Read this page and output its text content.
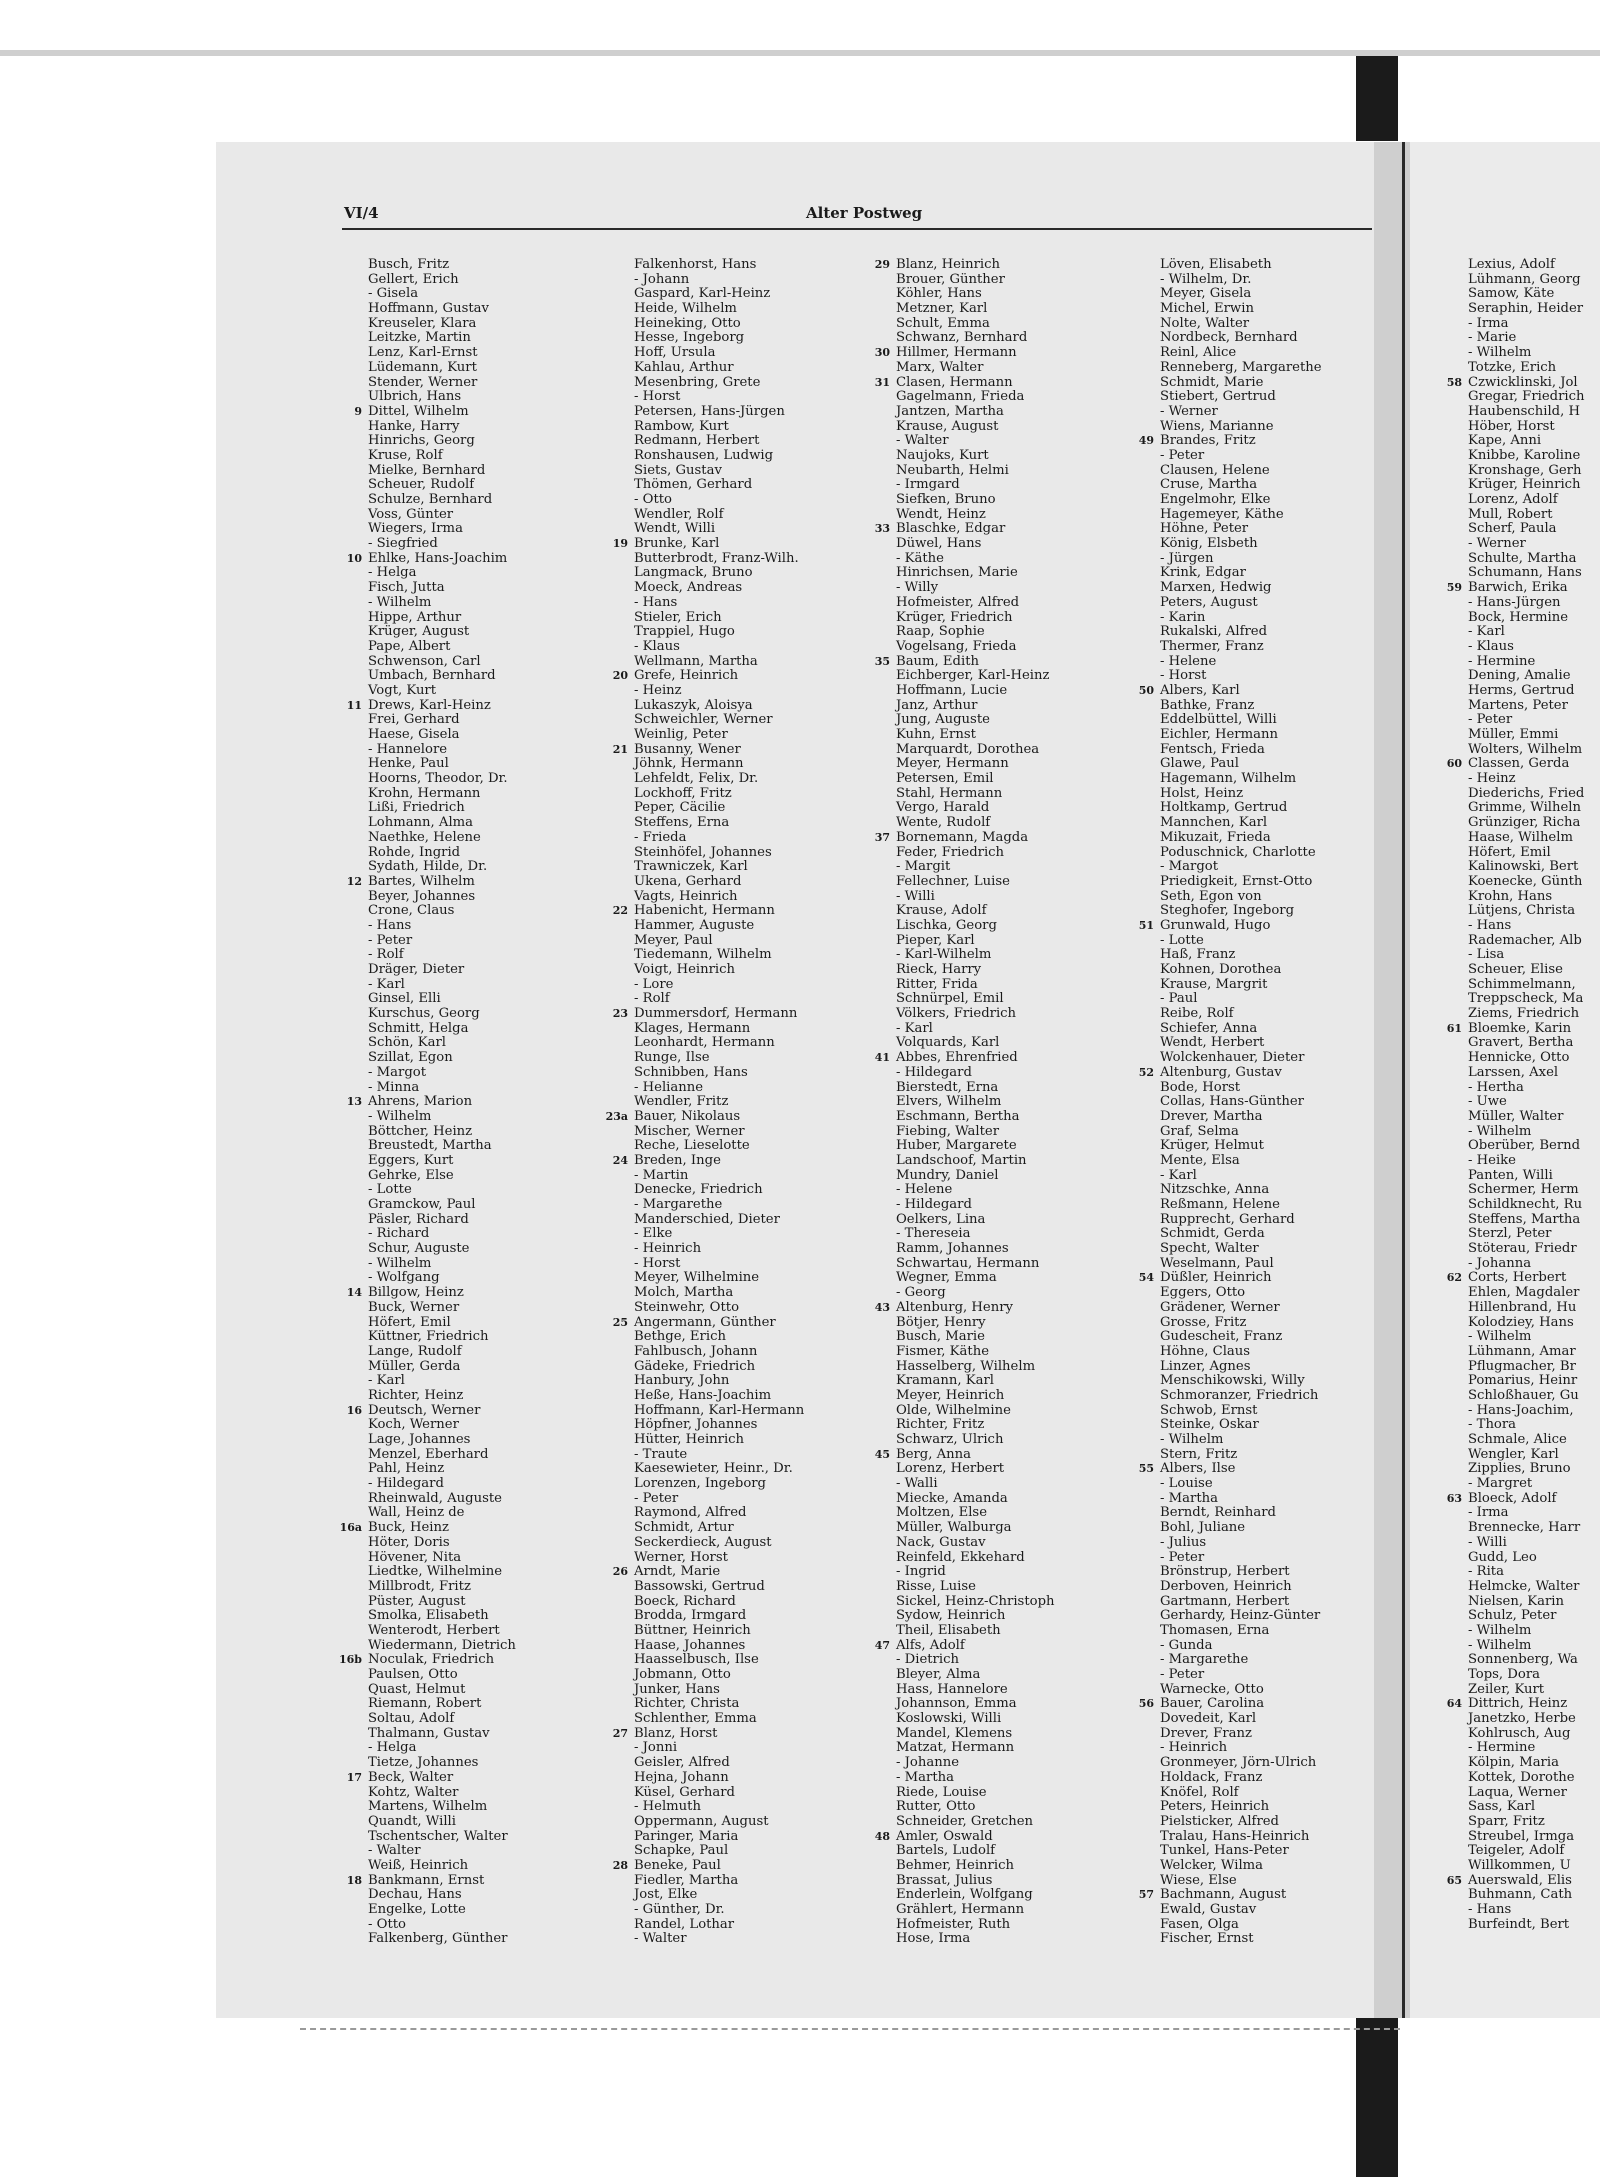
VI/4	Alter Postweg
Busch, Fritz
Gellert, Erich
- Gisela
Hoffmann, Gustav
Kreuseler, Klara
Leitzke, Martin
Lenz, Karl-Ernst
Lüdemann, Kurt
Stender, Werner
Ulbrich, Hans
9 Dittel, Wilhelm
Hanke, Harry
Hinrichs, Georg
Kruse, Rolf
Mielke, Bernhard
Scheuer, Rudolf
Schulze, Bernhard
Voss, Günter
Wiegers, Irma
- Siegfried
10 Ehlke, Hans-Joachim
- Helga
Fisch, Jutta
- Wilhelm
Hippe, Arthur
Krüger, August
Pape, Albert
Schwenson, Carl
Umbach, Bernhard
Vogt, Kurt
11 Drews, Karl-Heinz
Frei, Gerhard
Haese, Gisela
- Hannelore
Henke, Paul
Hoorns, Theodor, Dr.
Krohn, Hermann
Lißi, Friedrich
Lohmann, Alma
Naethke, Helene
Rohde, Ingrid
Sydath, Hilde, Dr.
12 Bartes, Wilhelm
Beyer, Johannes
Crone, Claus
- Hans
- Peter
- Rolf
Dräger, Dieter
- Karl
Ginsel, Elli
Kurschus, Georg
Schmitt, Helga
Schön, Karl
Szillat, Egon
- Margot
- Minna
13 Ahrens, Marion
- Wilhelm
Böttcher, Heinz
Breustedt, Martha
Eggers, Kurt
Gehrke, Else
- Lotte
Gramckow, Paul
Päsler, Richard
- Richard
Schur, Auguste
- Wilhelm
- Wolfgang
14 Billgow, Heinz
Buck, Werner
Höfert, Emil
Küttner, Friedrich
Lange, Rudolf
Müller, Gerda
- Karl
Richter, Heinz
16 Deutsch, Werner
Koch, Werner
Lage, Johannes
Menzel, Eberhard
Pahl, Heinz
- Hildegard
Rheinwald, Auguste
Wall, Heinz de
16a Buck, Heinz
Höter, Doris
Hövener, Nita
Liedtke, Wilhelmine
Millbrodt, Fritz
Püster, August
Smolka, Elisabeth
Wenterodt, Herbert
Wiedermann, Dietrich
16b Noculak, Friedrich
Paulsen, Otto
Quast, Helmut
Riemann, Robert
Soltau, Adolf
Thalmann, Gustav
- Helga
Tietze, Johannes
17 Beck, Walter
Kohtz, Walter
Martens, Wilhelm
Quandt, Willi
Tschentscher, Walter
- Walter
Weiß, Heinrich
18 Bankmann, Ernst
Dechau, Hans
Engelke, Lotte
- Otto
Falkenberg, Günther
Falkenhorst, Hans
- Johann
Gaspard, Karl-Heinz
Heide, Wilhelm
Heineking, Otto
Hesse, Ingeborg
Hoff, Ursula
Kahlau, Arthur
Mesenbring, Grete
- Horst
Petersen, Hans-Jürgen
Rambow, Kurt
Redmann, Herbert
Ronshausen, Ludwig
Siets, Gustav
Thömen, Gerhard
- Otto
Wendler, Rolf
Wendt, Willi
19 Brunke, Karl
Butterbrodt, Franz-Wilh.
Langmack, Bruno
Moeck, Andreas
- Hans
Stieler, Erich
Trappiel, Hugo
- Klaus
Wellmann, Martha
20 Grefe, Heinrich
- Heinz
Lukaszyk, Aloisya
Schweichler, Werner
Weinlig, Peter
21 Busanny, Wener
Jöhnk, Hermann
Lehfeldt, Felix, Dr.
Lockhoff, Fritz
Peper, Cäcilie
Steffens, Erna
- Frieda
Steinhöfel, Johannes
Trawniczek, Karl
Ukena, Gerhard
Vagts, Heinrich
22 Habenicht, Hermann
Hammer, Auguste
Meyer, Paul
Tiedemann, Wilhelm
Voigt, Heinrich
- Lore
- Rolf
23 Dummersdorf, Hermann
Klages, Hermann
Leonhardt, Hermann
Runge, Ilse
Schnibben, Hans
- Helianne
Wendler, Fritz
23a Bauer, Nikolaus
Mischer, Werner
Reche, Lieselotte
24 Breden, Inge
- Martin
Denecke, Friedrich
- Margarethe
Manderschied, Dieter
- Elke
- Heinrich
- Horst
Meyer, Wilhelmine
Molch, Martha
Steinwehr, Otto
25 Angermann, Günther
Bethge, Erich
Fahlbusch, Johann
Gädeke, Friedrich
Hanbury, John
Heße, Hans-Joachim
Hoffmann, Karl-Hermann
Höpfner, Johannes
Hütter, Heinrich
- Traute
Kaesewieter, Heinr., Dr.
Lorenzen, Ingeborg
- Peter
Raymond, Alfred
Schmidt, Artur
Seckerdieck, August
Werner, Horst
26 Arndt, Marie
Bassowski, Gertrud
Boeck, Richard
Brodda, Irmgard
Büttner, Heinrich
Haase, Johannes
Haasselbusch, Ilse
Jobmann, Otto
Junker, Hans
Richter, Christa
Schlenther, Emma
27 Blanz, Horst
- Jonni
Geisler, Alfred
Hejna, Johann
Küsel, Gerhard
- Helmuth
Oppermann, August
Paringer, Maria
Schapke, Paul
28 Beneke, Paul
Fiedler, Martha
Jost, Elke
- Günther, Dr.
Randel, Lothar
- Walter
29 Blanz, Heinrich
Brouer, Günther
Köhler, Hans
Metzner, Karl
Schult, Emma
Schwanz, Bernhard
30 Hillmer, Hermann
Marx, Walter
31 Clasen, Hermann
Gagelmann, Frieda
Jantzen, Martha
Krause, August
- Walter
Naujoks, Kurt
Neubarth, Helmi
- Irmgard
Siefken, Bruno
Wendt, Heinz
33 Blaschke, Edgar
Düwel, Hans
- Käthe
Hinrichsen, Marie
- Willy
Hofmeister, Alfred
Krüger, Friedrich
Raap, Sophie
Vogelsang, Frieda
35 Baum, Edith
Eichberger, Karl-Heinz
Hoffmann, Lucie
Janz, Arthur
Jung, Auguste
Kuhn, Ernst
Marquardt, Dorothea
Meyer, Hermann
Petersen, Emil
Stahl, Hermann
Vergo, Harald
Wente, Rudolf
37 Bornemann, Magda
Feder, Friedrich
- Margit
Fellechner, Luise
- Willi
Krause, Adolf
Lischka, Georg
Pieper, Karl
- Karl-Wilhelm
Rieck, Harry
Ritter, Frida
Schnürpel, Emil
Völkers, Friedrich
- Karl
Volquards, Karl
41 Abbes, Ehrenfried
- Hildegard
Bierstedt, Erna
Elvers, Wilhelm
Eschmann, Bertha
Fiebing, Walter
Huber, Margarete
Landschoof, Martin
Mundry, Daniel
- Helene
- Hildegard
Oelkers, Lina
- Thereseia
Ramm, Johannes
Schwartau, Hermann
Wegner, Emma
- Georg
43 Altenburg, Henry
Bötjer, Henry
Busch, Marie
Fismer, Käthe
Hasselberg, Wilhelm
Kramann, Karl
Meyer, Heinrich
Olde, Wilhelmine
Richter, Fritz
Schwarz, Ulrich
45 Berg, Anna
Lorenz, Herbert
- Walli
Miecke, Amanda
Moltzen, Else
Müller, Walburga
Nack, Gustav
Reinfeld, Ekkehard
- Ingrid
Risse, Luise
Sickel, Heinz-Christoph
Sydow, Heinrich
Theil, Elisabeth
47 Alfs, Adolf
- Dietrich
Bleyer, Alma
Hass, Hannelore
Johannson, Emma
Koslowski, Willi
Mandel, Klemens
Matzat, Hermann
- Johanne
- Martha
Riede, Louise
Rutter, Otto
Schneider, Gretchen
48 Amler, Oswald
Bartels, Ludolf
Behmer, Heinrich
Brassat, Julius
Enderlein, Wolfgang
Grählert, Hermann
Hofmeister, Ruth
Hose, Irma
Löven, Elisabeth
- Wilhelm, Dr.
Meyer, Gisela
Michel, Erwin
Nolte, Walter
Nordbeck, Bernhard
Reinl, Alice
Renneberg, Margarethe
Schmidt, Marie
Stiebert, Gertrud
- Werner
Wiens, Marianne
49 Brandes, Fritz
- Peter
Clausen, Helene
Cruse, Martha
Engelmohr, Elke
Hagemeyer, Käthe
Höhne, Peter
König, Elsbeth
- Jürgen
Krink, Edgar
Marxen, Hedwig
Peters, August
- Karin
Rukalski, Alfred
Thermer, Franz
- Helene
- Horst
50 Albers, Karl
Bathke, Franz
Eddelbüttel, Willi
Eichler, Hermann
Fentsch, Frieda
Glawe, Paul
Hagemann, Wilhelm
Holst, Heinz
Holtkamp, Gertrud
Mannchen, Karl
Mikuzait, Frieda
Poduschnick, Charlotte
- Margot
Priedigkeit, Ernst-Otto
Seth, Egon von
Steghofer, Ingeborg
51 Grunwald, Hugo
- Lotte
Haß, Franz
Kohnen, Dorothea
Krause, Margrit
- Paul
Reibe, Rolf
Schiefer, Anna
Wendt, Herbert
Wolckenhauer, Dieter
52 Altenburg, Gustav
Bode, Horst
Collas, Hans-Günther
Drever, Martha
Graf, Selma
Krüger, Helmut
Mente, Elsa
- Karl
Nitzschke, Anna
Reßmann, Helene
Rupprecht, Gerhard
Schmidt, Gerda
Specht, Walter
Weselmann, Paul
54 Düßler, Heinrich
Eggers, Otto
Grädener, Werner
Grosse, Fritz
Gudescheit, Franz
Höhne, Claus
Linzer, Agnes
Menschikowski, Willy
Schmoranzer, Friedrich
Schwob, Ernst
Steinke, Oskar
- Wilhelm
Stern, Fritz
55 Albers, Ilse
- Louise
- Martha
Berndt, Reinhard
Bohl, Juliane
- Julius
- Peter
Brönstrup, Herbert
Derboven, Heinrich
Gartmann, Herbert
Gerhardy, Heinz-Günter
Thomasen, Erna
- Gunda
- Margarethe
- Peter
Warnecke, Otto
56 Bauer, Carolina
Dovedeit, Karl
Drever, Franz
- Heinrich
Gronmeyer, Jörn-Ulrich
Holdack, Franz
Knöfel, Rolf
Peters, Heinrich
Pielsticker, Alfred
Tralau, Hans-Heinrich
Tunkel, Hans-Peter
Welcker, Wilma
Wiese, Else
57 Bachmann, August
Ewald, Gustav
Fasen, Olga
Fischer, Ernst
Lexius, Adolf
Lühmann, Georg
Samow, Käte
Seraphin, Heider
- Irma
- Marie
- Wilhelm
Totzke, Erich
58 Czwicklinski, Jol
Gregar, Friedrich
Haubenschild, H
Höber, Horst
Kape, Anni
Knibbe, Karoline
Kronshage, Gerh
Krüger, Heinrich
Lorenz, Adolf
Mull, Robert
Scherf, Paula
- Werner
Schulte, Martha
Schumann, Hans
59 Barwich, Erika
- Hans-Jürgen
Bock, Hermine
- Karl
- Klaus
- Hermine
Dening, Amalie
Herms, Gertrud
Martens, Peter
- Peter
Müller, Emmi
Wolters, Wilhelm
60 Classen, Gerda
- Heinz
Diederichs, Fried
Grimme, Wilheln
Grünziger, Richa
Haase, Wilhelm
Höfert, Emil
Kalinowski, Bert
Koenecke, Günth
Krohn, Hans
Lütjens, Christa
- Hans
Rademacher, Alb
- Lisa
Scheuer, Elise
Schimmelmann,
Treppscheck, Ma
Ziems, Friedrich
61 Bloemke, Karin
Gravert, Bertha
Hennicke, Otto
Larssen, Axel
- Hertha
- Uwe
Müller, Walter
- Wilhelm
Oberüber, Bernd
- Heike
Panten, Willi
Schermer, Herm
Schildknecht, Ru
Steffens, Martha
Sterzl, Peter
Stöterau, Friedr
- Johanna
62 Corts, Herbert
Ehlen, Magdaler
Hillenbrand, Hu
Kolodziey, Hans
- Wilhelm
Lühmann, Amar
Pflugmacher, Br
Pomarius, Heinr
Schloßhauer, Gu
- Hans-Joachim,
- Thora
Schmale, Alice
Wengler, Karl
Zipplies, Bruno
- Margret
63 Bloeck, Adolf
- Irma
Brennecke, Harr
- Willi
Gudd, Leo
- Rita
Helmcke, Walter
Nielsen, Karin
Schulz, Peter
- Wilhelm
- Wilhelm
Sonnenberg, Wa
Tops, Dora
Zeiler, Kurt
64 Dittrich, Heinz
Janetzko, Herbe
Kohlrusch, Aug
- Hermine
Kölpin, Maria
Kottek, Dorothe
Laqua, Werner
Sass, Karl
Sparr, Fritz
Streubel, Irmga
Teigeler, Adolf
Willkommen, U
65 Auerswald, Elis
Buhmann, Cath
- Hans
Burfeindt, Bert
